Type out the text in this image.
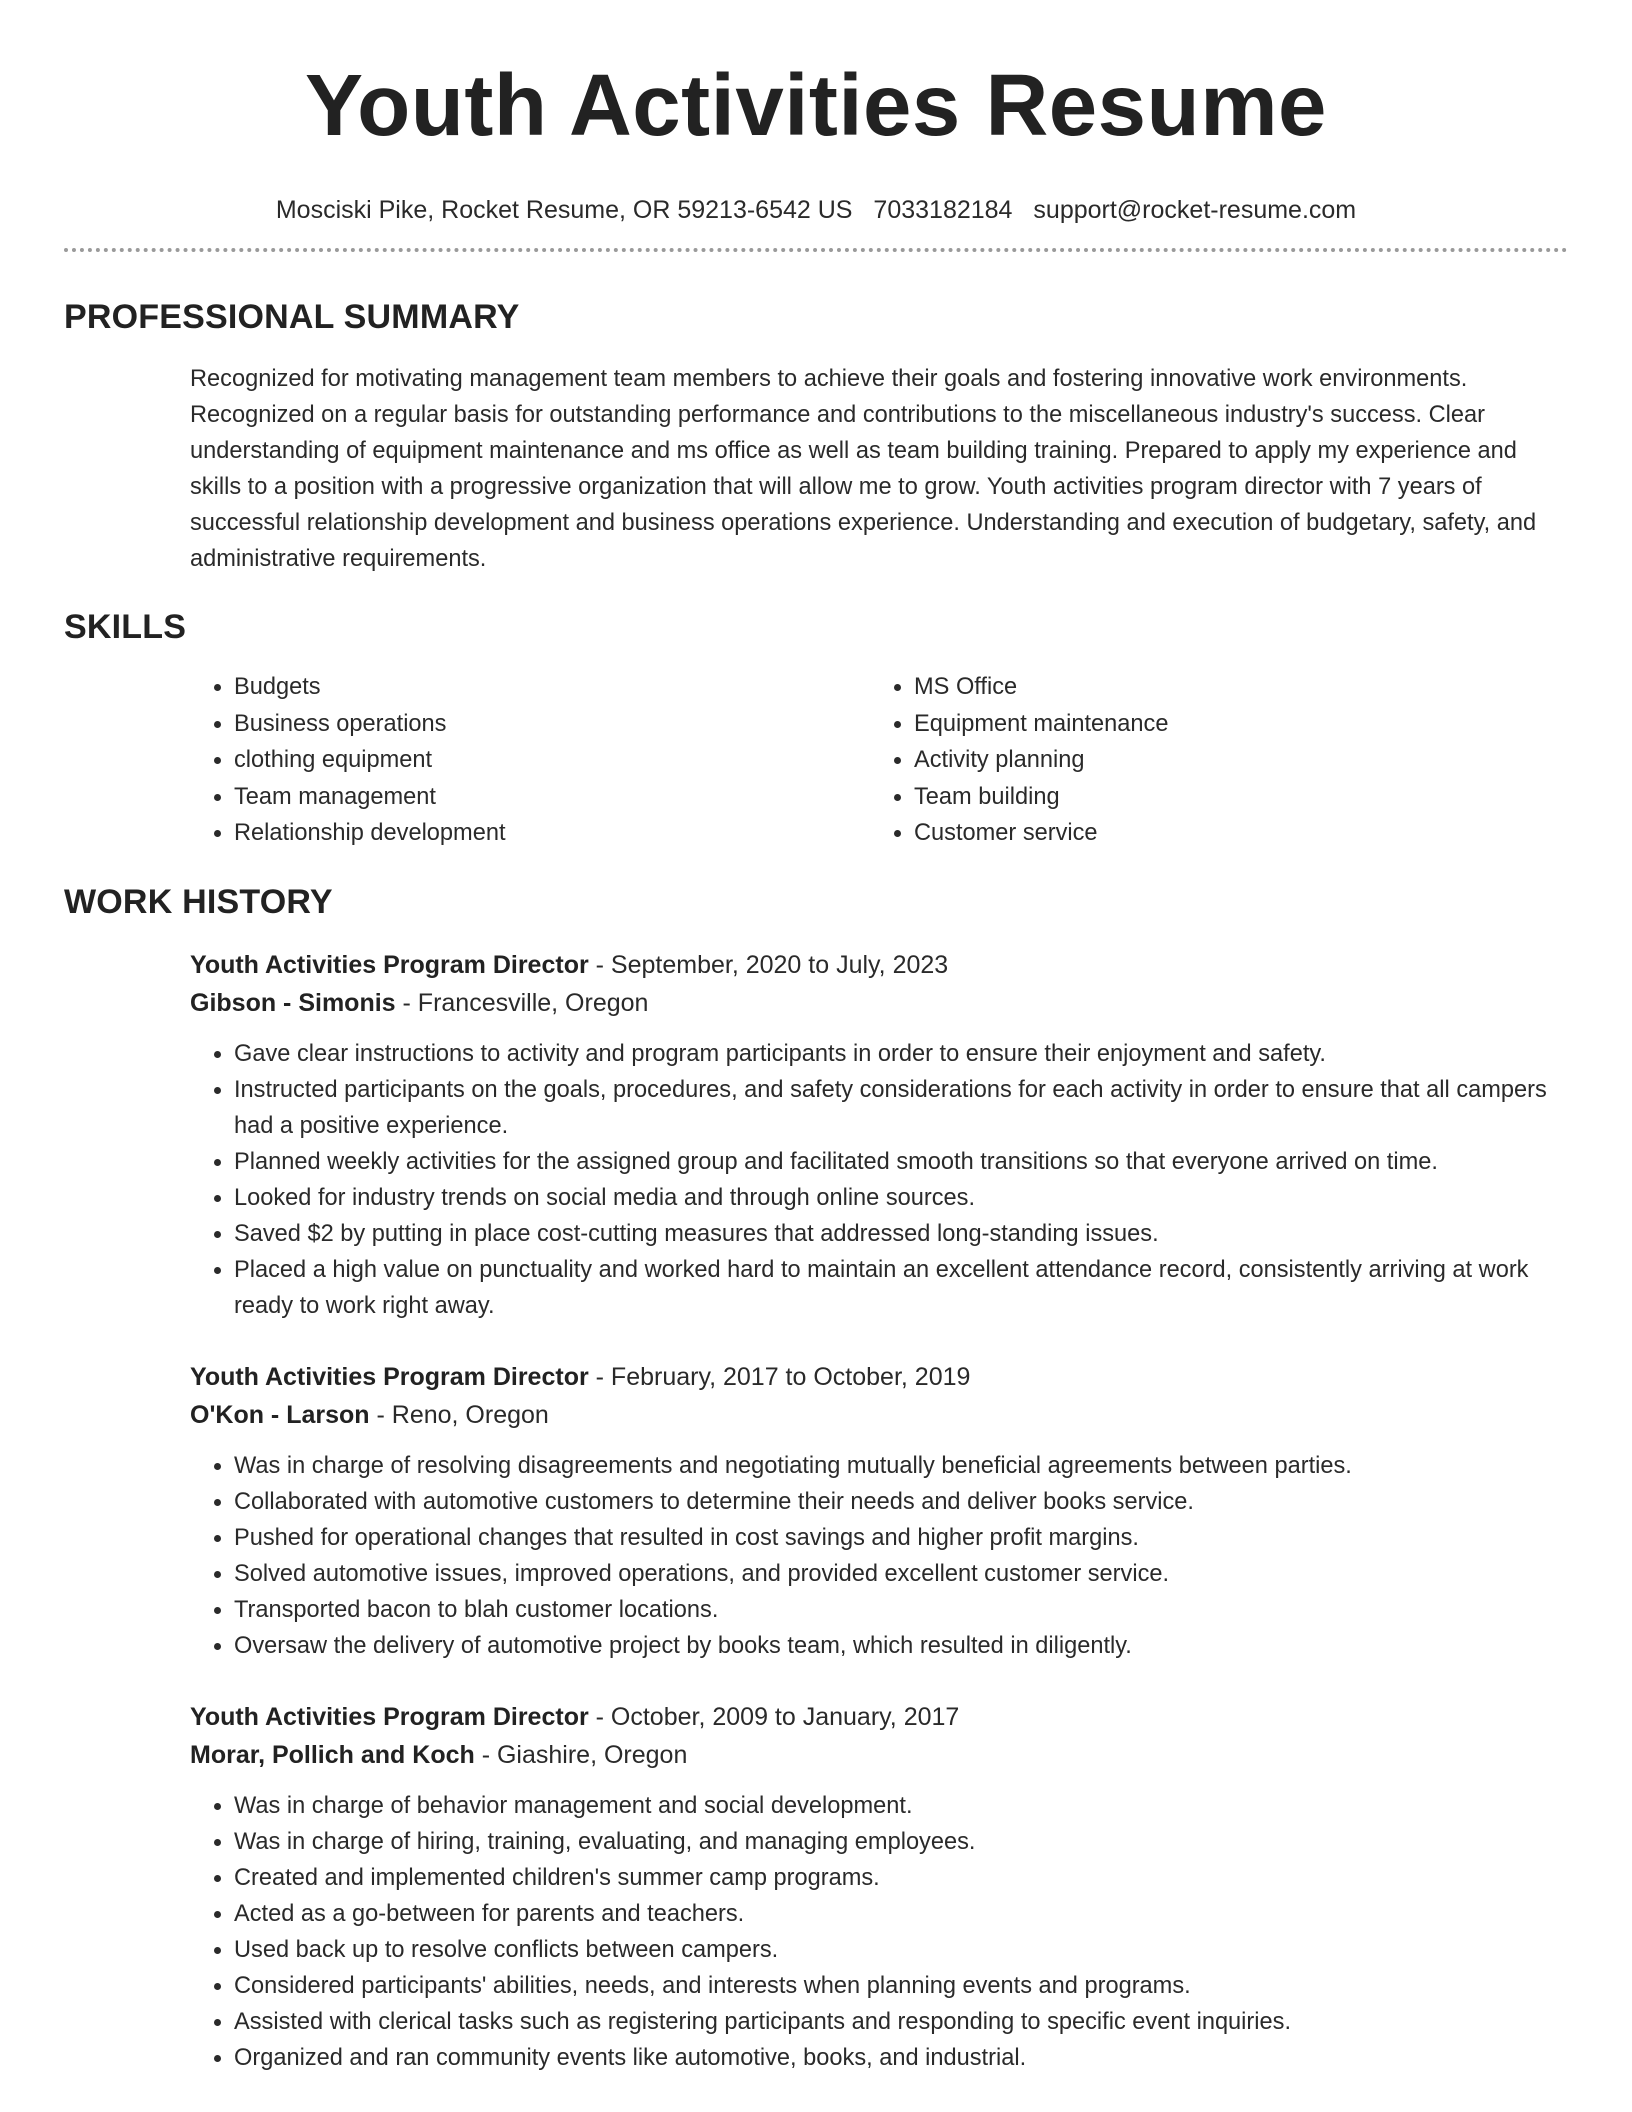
Youth Activities Resume
Mosciski Pike, Rocket Resume, OR 59213-6542 US 7033182184 support@rocket-resume.com
PROFESSIONAL SUMMARY

Recognized for motivating management team members to achieve their goals and fostering innovative work environments. Recognized on a regular basis for outstanding performance and contributions to the miscellaneous industry's success. Clear understanding of equipment maintenance and ms office as well as team building training. Prepared to apply my experience and skills to a position with a progressive organization that will allow me to grow. Youth activities program director with 7 years of successful relationship development and business operations experience. Understanding and execution of budgetary, safety, and administrative requirements.

SKILLS
• Budgets
• Business operations
• clothing equipment
• Team management
• Relationship development
• MS Office
• Equipment maintenance
• Activity planning
• Team building
• Customer service
WORK HISTORY
Youth Activities Program Director - September, 2020 to July, 2023
Gibson - Simonis - Francesville, Oregon
• Gave clear instructions to activity and program participants in order to ensure their enjoyment and safety.
• Instructed participants on the goals, procedures, and safety considerations for each activity in order to ensure that all campers had a positive experience.
• Planned weekly activities for the assigned group and facilitated smooth transitions so that everyone arrived on time.
• Looked for industry trends on social media and through online sources.
• Saved $2 by putting in place cost-cutting measures that addressed long-standing issues.
• Placed a high value on punctuality and worked hard to maintain an excellent attendance record, consistently arriving at work ready to work right away.
Youth Activities Program Director - February, 2017 to October, 2019
O'Kon - Larson - Reno, Oregon
• Was in charge of resolving disagreements and negotiating mutually beneficial agreements between parties.
• Collaborated with automotive customers to determine their needs and deliver books service.
• Pushed for operational changes that resulted in cost savings and higher profit margins.
• Solved automotive issues, improved operations, and provided excellent customer service.
• Transported bacon to blah customer locations.
• Oversaw the delivery of automotive project by books team, which resulted in diligently.
Youth Activities Program Director - October, 2009 to January, 2017
Morar, Pollich and Koch - Giashire, Oregon
• Was in charge of behavior management and social development.
• Was in charge of hiring, training, evaluating, and managing employees.
• Created and implemented children's summer camp programs.
• Acted as a go-between for parents and teachers.
• Used back up to resolve conflicts between campers.
• Considered participants' abilities, needs, and interests when planning events and programs.
• Assisted with clerical tasks such as registering participants and responding to specific event inquiries.
• Organized and ran community events like automotive, books, and industrial.
